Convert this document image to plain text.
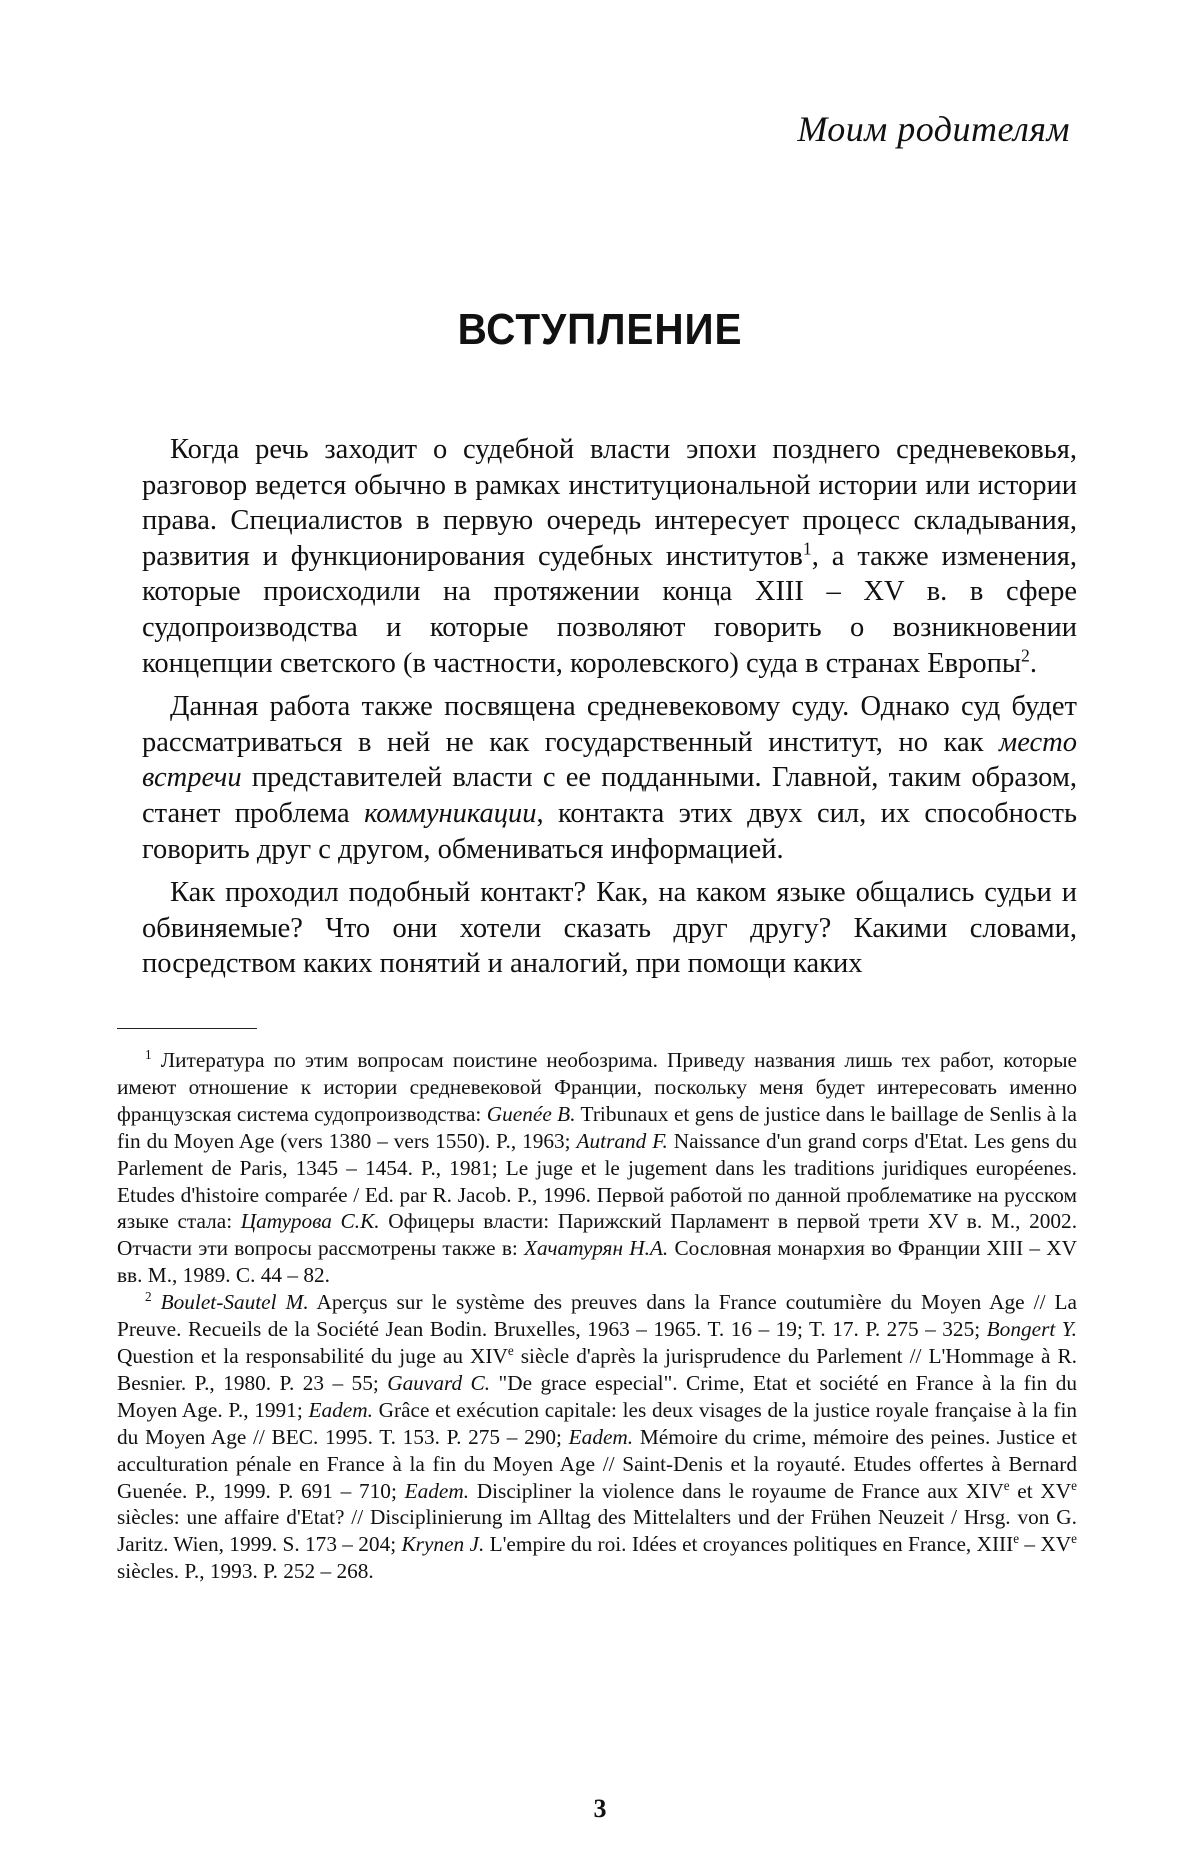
Моим родителям
ВСТУПЛЕНИЕ

Когда речь заходит о судебной власти эпохи позднего средневековья, разговор ведется обычно в рамках институциональной истории или истории права. Специалистов в первую очередь интересует процесс складывания, развития и функционирования судебных институтов$^1$, а также изменения, которые происходили на протяжении конца XIII – XV в. в сфере судопроизводства и которые позволяют говорить о возникновении концепции светского (в частности, королевского) суда в странах Европы$^2$.

Данная работа также посвящена средневековому суду. Однако суд будет рассматриваться в ней не как государственный институт, но как место встречи представителей власти с ее подданными. Главной, таким образом, станет проблема коммуникации, контакта этих двух сил, их способность говорить друг с другом, обмениваться информацией.

Как проходил подобный контакт? Как, на каком языке общались судьи и обвиняемые? Что они хотели сказать друг другу? Какими словами, посредством каких понятий и аналогий, при помощи каких

$^1$ Литература по этим вопросам поистине необозрима. Приведу названия лишь тех работ, которые имеют отношение к истории средневековой Франции, поскольку меня будет интересовать именно французская система судопроизводства: Guenée B. Tribunaux et gens de justice dans le baillage de Senlis à la fin du Moyen Age (vers 1380 – vers 1550). P., 1963; Autrand F. Naissance d'un grand corps d'Etat. Les gens du Parlement de Paris, 1345 – 1454. P., 1981; Le juge et le jugement dans les traditions juridiques européenes. Etudes d'histoire comparée / Ed. par R. Jacob. P., 1996. Первой работой по данной проблематике на русском языке стала: Цатурова С.К. Офицеры власти: Парижский Парламент в первой трети XV в. М., 2002. Отчасти эти вопросы рассмотрены также в: Хачатурян Н.А. Сословная монархия во Франции XIII – XV вв. М., 1989. С. 44 – 82.

$^2$ Boulet-Sautel M. Aperçus sur le système des preuves dans la France coutumière du Moyen Age // La Preuve. Recueils de la Société Jean Bodin. Bruxelles, 1963 – 1965. T. 16 – 19; T. 17. P. 275 – 325; Bongert Y. Question et la responsabilité du juge au XIVe siècle d'après la jurisprudence du Parlement // L'Hommage à R. Besnier. P., 1980. P. 23 – 55; Gauvard C. "De grace especial". Crime, Etat et société en France à la fin du Moyen Age. P., 1991; Eadem. Grâce et exécution capitale: les deux visages de la justice royale française à la fin du Moyen Age // BEC. 1995. T. 153. P. 275 – 290; Eadem. Mémoire du crime, mémoire des peines. Justice et acculturation pénale en France à la fin du Moyen Age // Saint-Denis et la royauté. Etudes offertes à Bernard Guenée. P., 1999. P. 691 – 710; Eadem. Discipliner la violence dans le royaume de France aux XIVe et XVe siècles: une affaire d'Etat? // Disciplinierung im Alltag des Mittelalters und der Frühen Neuzeit / Hrsg. von G. Jaritz. Wien, 1999. S. 173 – 204; Krynen J. L'empire du roi. Idées et croyances politiques en France, XIIIe – XVe siècles. P., 1993. P. 252 – 268.

3
